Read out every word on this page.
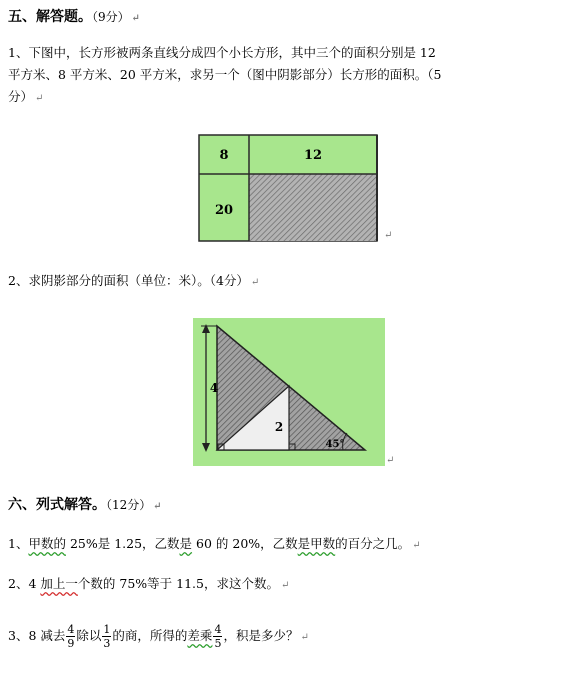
五、解答题。（9分） ↵
1、下图中，长方形被两条直线分成四个小长方形，其中三个的面积分别是 12
平方米、8 平方米、20 平方米，求另一个（图中阴影部分）长方形的面积。（5
分） ↵
8	12
20
↵
2、求阴影部分的面积（单位：米）。（4分） ↵
4
2
45°
↵
六、列式解答。（12分） ↵
1、甲数的 25%是 1.25，乙数是 60 的 20%，乙数是甲数的百分之几。 ↵
2、4 加上一个数的 75%等于 11.5，求这个数。 ↵
3、8 减去 $\frac{4}{9}$ 除以 $\frac{1}{3}$ 的商，所得的差乘 $\frac{4}{5}$ ，积是多少？ ↵
